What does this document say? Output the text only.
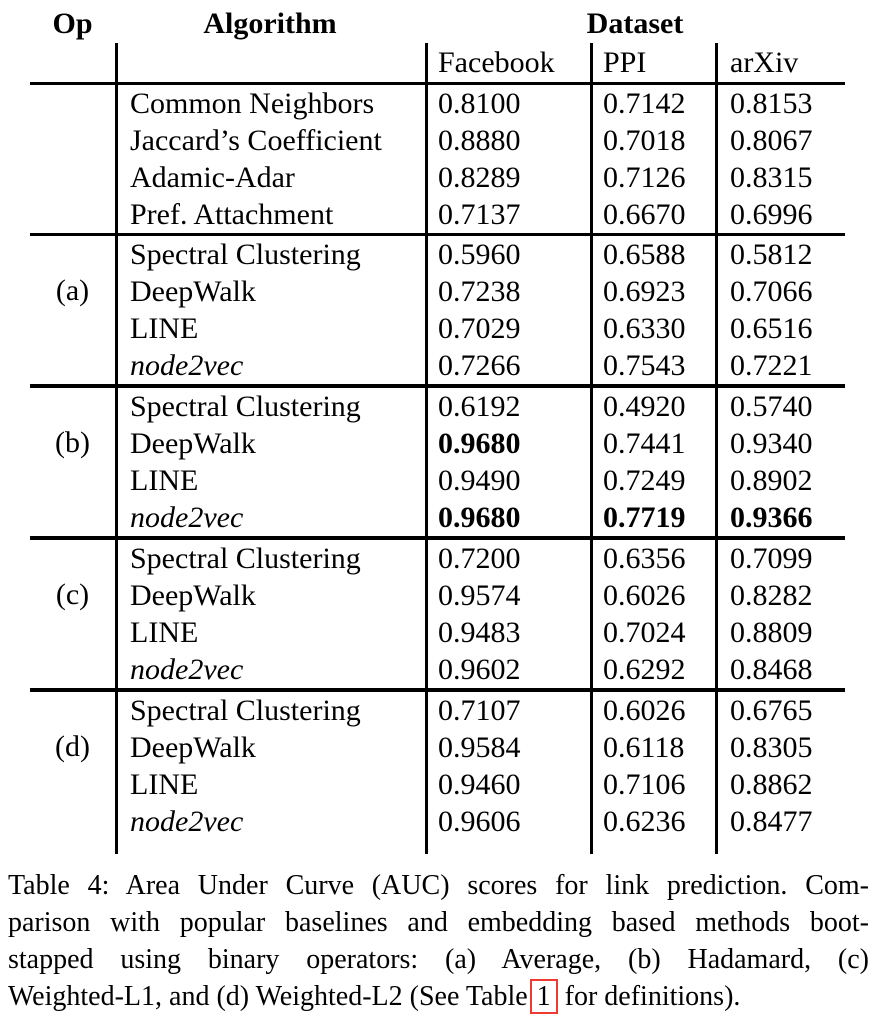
Op	Algorithm	Dataset
Facebook	PPI	arXiv
Common Neighbors	0.8100	0.7142	0.8153
Jaccard’s Coefficient	0.8880	0.7018	0.8067
Adamic-Adar	0.8289	0.7126	0.8315
Pref. Attachment	0.7137	0.6670	0.6996
(a)
Spectral Clustering	0.5960	0.6588	0.5812
DeepWalk	0.7238	0.6923	0.7066
LINE	0.7029	0.6330	0.6516
node2vec	0.7266	0.7543	0.7221
(b)
Spectral Clustering	0.6192	0.4920	0.5740
DeepWalk	0.9680	0.7441	0.9340
LINE	0.9490	0.7249	0.8902
node2vec	0.9680	0.7719	0.9366
(c)
Spectral Clustering	0.7200	0.6356	0.7099
DeepWalk	0.9574	0.6026	0.8282
LINE	0.9483	0.7024	0.8809
node2vec	0.9602	0.6292	0.8468
(d)
Spectral Clustering	0.7107	0.6026	0.6765
DeepWalk	0.9584	0.6118	0.8305
LINE	0.9460	0.7106	0.8862
node2vec	0.9606	0.6236	0.8477
Table 4: Area Under Curve (AUC) scores for link prediction. Com-
parison with popular baselines and embedding based methods boot-
stapped using binary operators: (a) Average, (b) Hadamard, (c)
Weighted-L1, and (d) Weighted-L2 (See Table 1 for definitions).
